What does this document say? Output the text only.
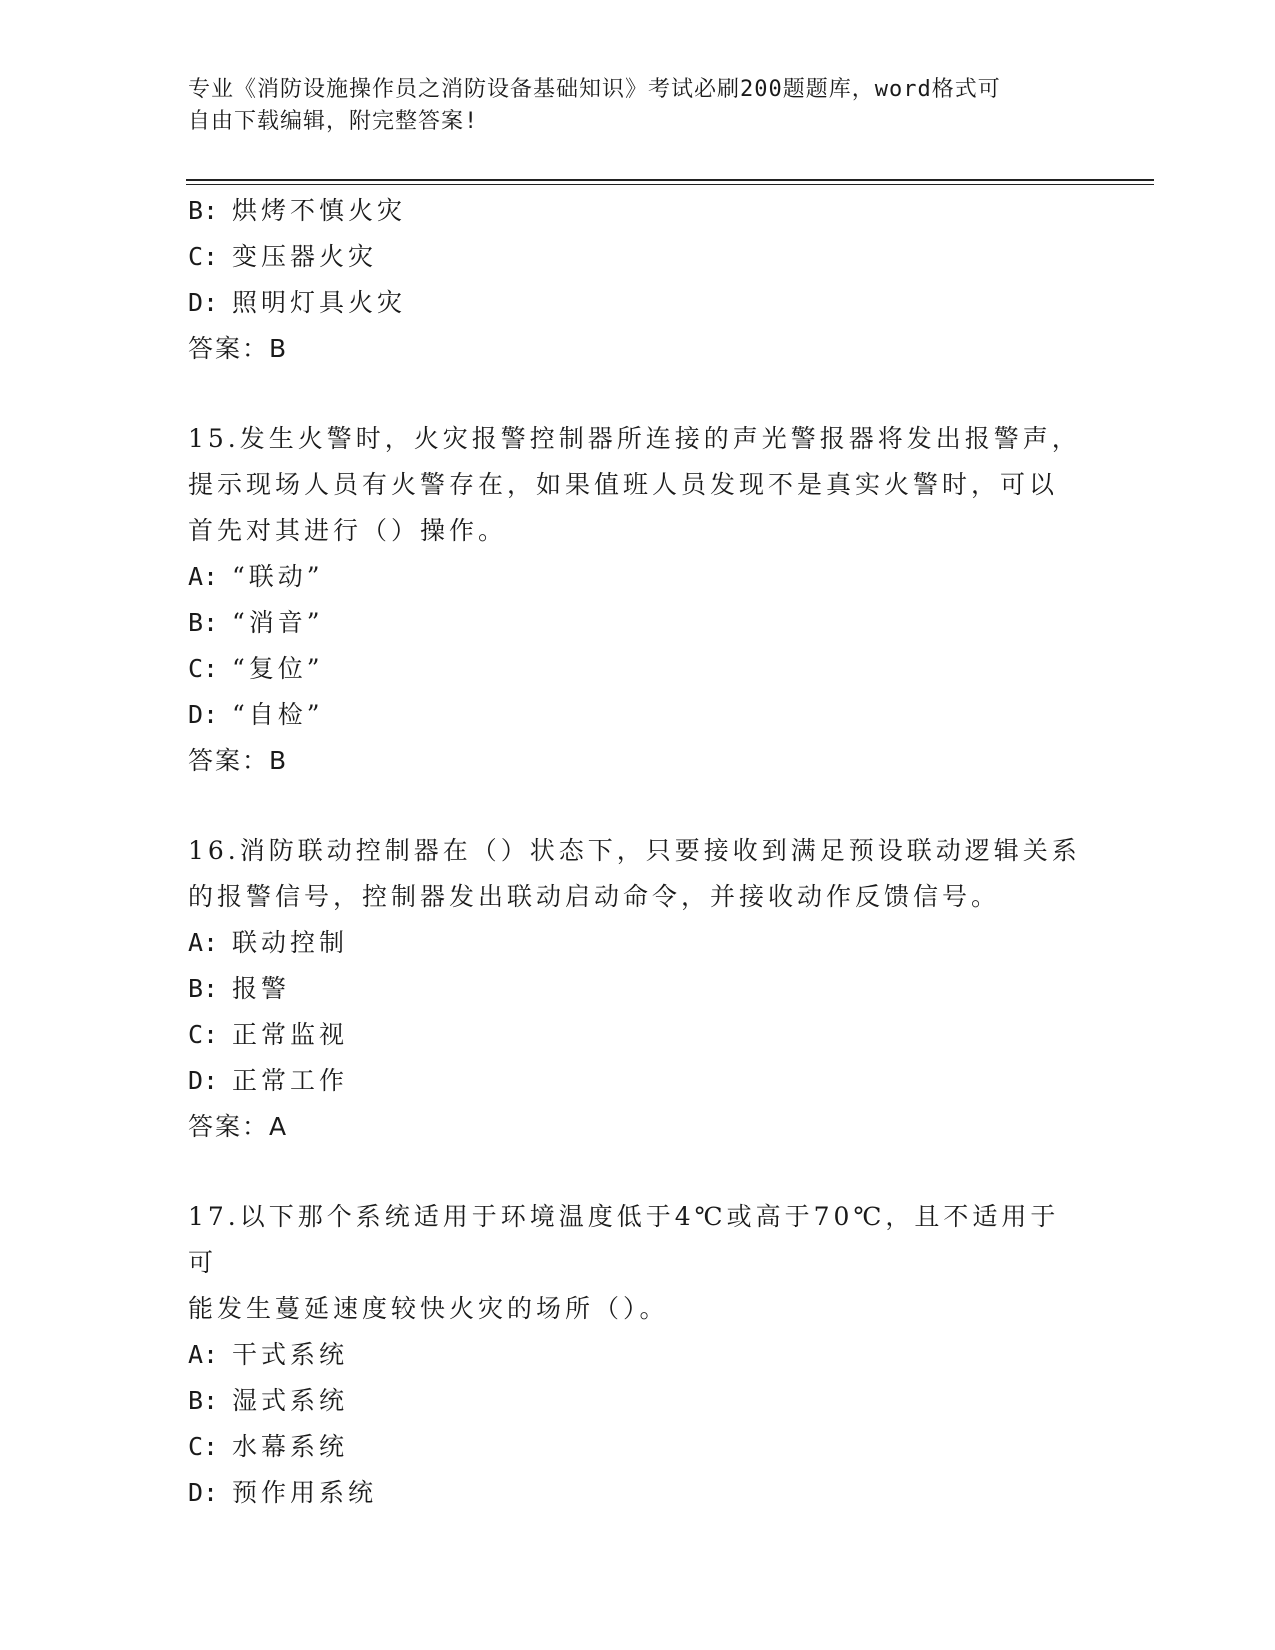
专业《消防设施操作员之消防设备基础知识》考试必刷200题题库，word格式可
自由下载编辑，附完整答案!
B: 烘烤不慎火灾
C: 变压器火灾
D: 照明灯具火灾
答案：B
15.发生火警时，火灾报警控制器所连接的声光警报器将发出报警声，
提示现场人员有火警存在，如果值班人员发现不是真实火警时，可以
首先对其进行（）操作。
A: “联动”
B: “消音”
C: “复位”
D: “自检”
答案：B
16.消防联动控制器在（）状态下，只要接收到满足预设联动逻辑关系
的报警信号，控制器发出联动启动命令，并接收动作反馈信号。
A: 联动控制
B: 报警
C: 正常监视
D: 正常工作
答案：A
17.以下那个系统适用于环境温度低于4℃或高于70℃，且不适用于可
能发生蔓延速度较快火灾的场所（）。
A: 干式系统
B: 湿式系统
C: 水幕系统
D: 预作用系统
